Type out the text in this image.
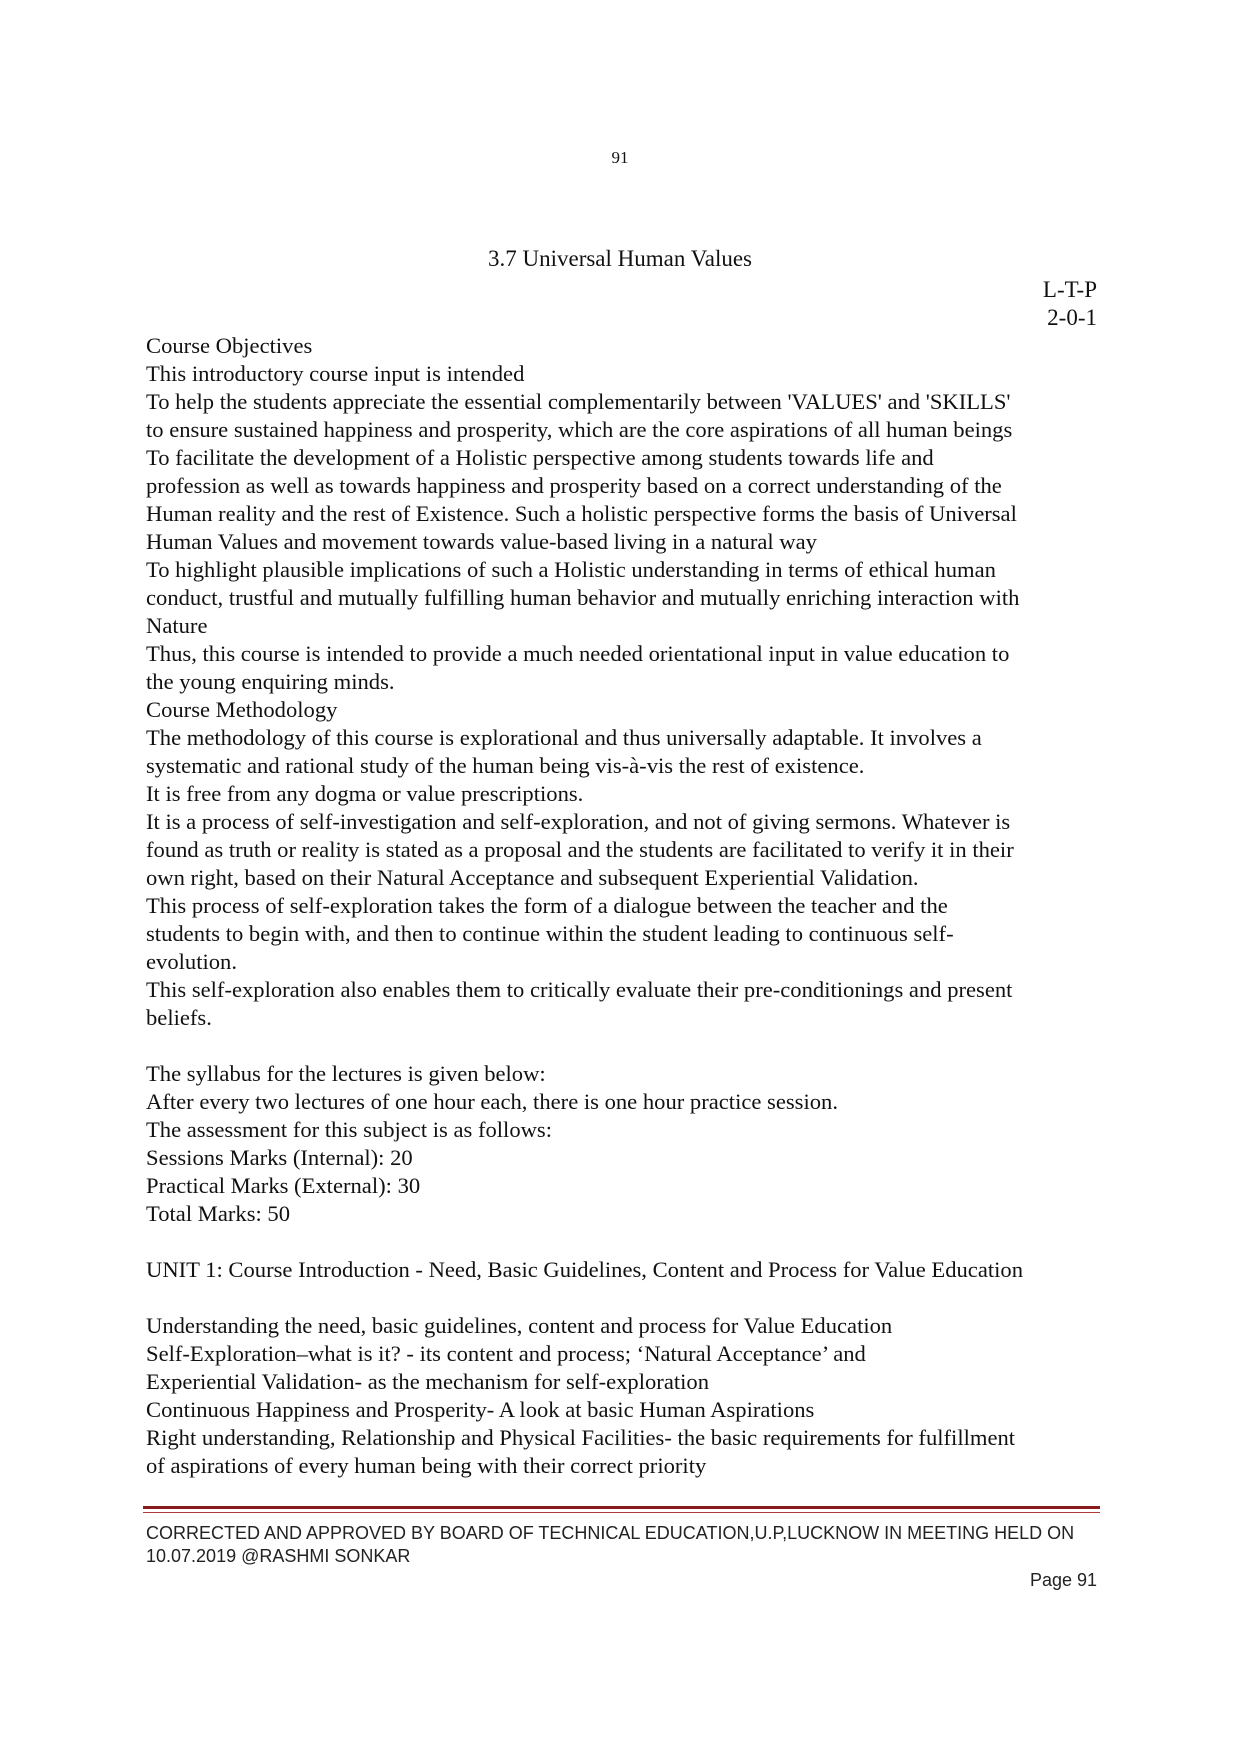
91
3.7 Universal Human Values
L-T-P
2-0-1
Course Objectives
This introductory course input is intended
To help the students appreciate the essential complementarily between 'VALUES' and 'SKILLS'
to ensure sustained happiness and prosperity, which are the core aspirations of all human beings
To facilitate the development of a Holistic perspective among students towards life and
profession as well as towards happiness and prosperity based on a correct understanding of the
Human reality and the rest of Existence. Such a holistic perspective forms the basis of Universal
Human Values and movement towards value-based living in a natural way
To highlight plausible implications of such a Holistic understanding in terms of ethical human
conduct, trustful and mutually fulfilling human behavior and mutually enriching interaction with
Nature
Thus, this course is intended to provide a much needed orientational input in value education to
the young enquiring minds.
Course Methodology
The methodology of this course is explorational and thus universally adaptable. It involves a
systematic and rational study of the human being vis-à-vis the rest of existence.
It is free from any dogma or value prescriptions.
It is a process of self-investigation and self-exploration, and not of giving sermons. Whatever is
found as truth or reality is stated as a proposal and the students are facilitated to verify it in their
own right, based on their Natural Acceptance and subsequent Experiential Validation.
This process of self-exploration takes the form of a dialogue between the teacher and the
students to begin with, and then to continue within the student leading to continuous self-
evolution.
This self-exploration also enables them to critically evaluate their pre-conditionings and present
beliefs.
The syllabus for the lectures is given below:
After every two lectures of one hour each, there is one hour practice session.
The assessment for this subject is as follows:
Sessions Marks (Internal): 20
Practical Marks (External): 30
Total Marks: 50
UNIT 1: Course Introduction - Need, Basic Guidelines, Content and Process for Value Education
Understanding the need, basic guidelines, content and process for Value Education
Self-Exploration–what is it? - its content and process; ‘Natural Acceptance’ and
Experiential Validation- as the mechanism for self-exploration
Continuous Happiness and Prosperity- A look at basic Human Aspirations
Right understanding, Relationship and Physical Facilities- the basic requirements for fulfillment
of aspirations of every human being with their correct priority
CORRECTED AND APPROVED BY BOARD OF TECHNICAL EDUCATION,U.P,LUCKNOW IN MEETING HELD ON
10.07.2019 @RASHMI SONKAR
Page 91
